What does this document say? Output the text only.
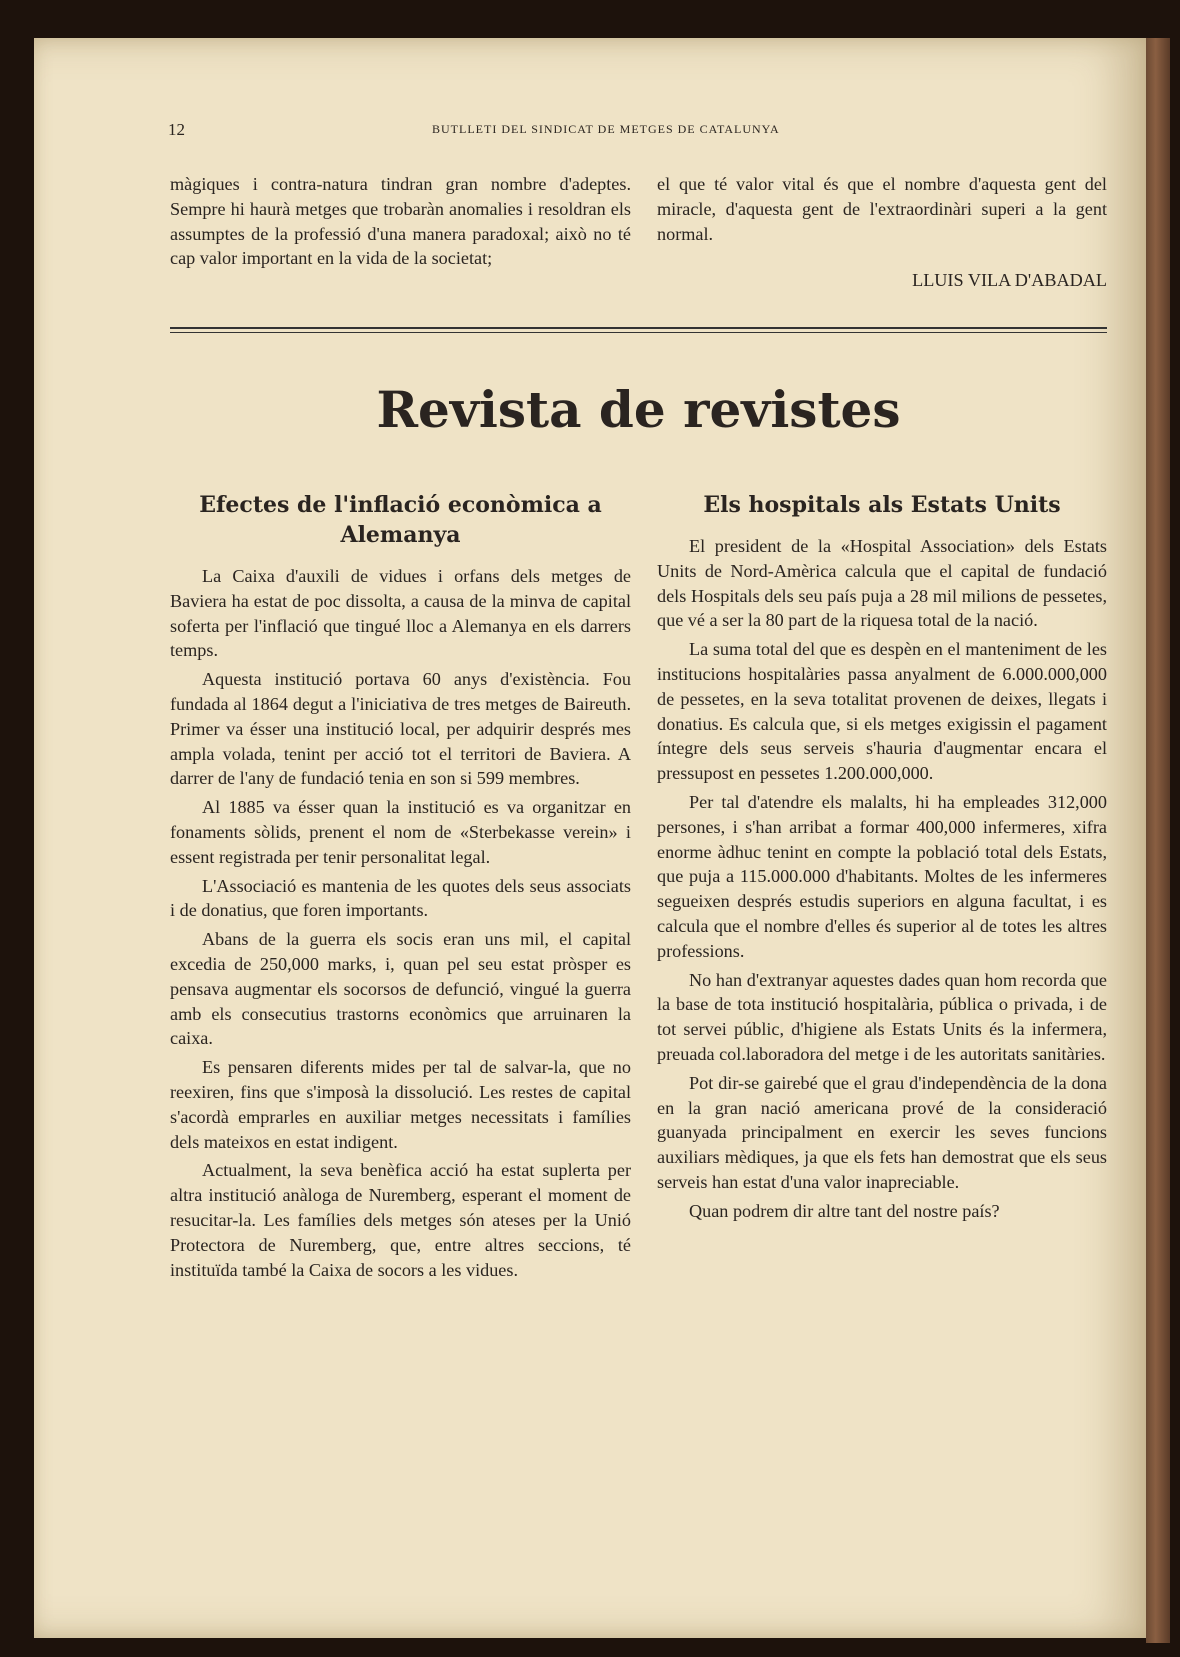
12	BUTLLETI DEL SINDICAT DE METGES DE CATALUNYA

màgiques i contra-natura tindran gran nombre d'adeptes. Sempre hi haurà metges que trobaràn anomalies i resoldran els assumptes de la professió d'una manera paradoxal; això no té cap valor important en la vida de la societat;

el que té valor vital és que el nombre d'aquesta gent del miracle, d'aquesta gent de l'extraordinàri superi a la gent normal.

LLUIS VILA D'ABADAL

Revista de revistes

Efectes de l'inflació econòmica a Alemanya

La Caixa d'auxili de vidues i orfans dels metges de Baviera ha estat de poc dissolta, a causa de la minva de capital soferta per l'inflació que tingué lloc a Alemanya en els darrers temps.

Aquesta institució portava 60 anys d'existència. Fou fundada al 1864 degut a l'iniciativa de tres metges de Baireuth. Primer va ésser una institució local, per adquirir després mes ampla volada, tenint per acció tot el territori de Baviera. A darrer de l'any de fundació tenia en son si 599 membres.

Al 1885 va ésser quan la institució es va organitzar en fonaments sòlids, prenent el nom de «Sterbekasse verein» i essent registrada per tenir personalitat legal.

L'Associació es mantenia de les quotes dels seus associats i de donatius, que foren importants.

Abans de la guerra els socis eran uns mil, el capital excedia de 250,000 marks, i, quan pel seu estat pròsper es pensava augmentar els socorsos de defunció, vingué la guerra amb els consecutius trastorns econòmics que arruinaren la caixa.

Es pensaren diferents mides per tal de salvar-la, que no reexiren, fins que s'imposà la dissolució. Les restes de capital s'acordà emprarles en auxiliar metges necessitats i famílies dels mateixos en estat indigent.

Actualment, la seva benèfica acció ha estat suplerta per altra institució anàloga de Nuremberg, esperant el moment de resucitar-la. Les famílies dels metges són ateses per la Unió Protectora de Nuremberg, que, entre altres seccions, té instituïda també la Caixa de socors a les vidues.

Els hospitals als Estats Units

El president de la «Hospital Association» dels Estats Units de Nord-Amèrica calcula que el capital de fundació dels Hospitals dels seu país puja a 28 mil milions de pessetes, que vé a ser la 80 part de la riquesa total de la nació.

La suma total del que es despèn en el manteniment de les institucions hospitalàries passa anyalment de 6.000.000,000 de pessetes, en la seva totalitat provenen de deixes, llegats i donatius. Es calcula que, si els metges exigissin el pagament íntegre dels seus serveis s'hauria d'augmentar encara el pressupost en pessetes 1.200.000,000.

Per tal d'atendre els malalts, hi ha empleades 312,000 persones, i s'han arribat a formar 400,000 infermeres, xifra enorme àdhuc tenint en compte la població total dels Estats, que puja a 115.000.000 d'habitants. Moltes de les infermeres segueixen després estudis superiors en alguna facultat, i es calcula que el nombre d'elles és superior al de totes les altres professions.

No han d'extranyar aquestes dades quan hom recorda que la base de tota institució hospitalària, pública o privada, i de tot servei públic, d'higiene als Estats Units és la infermera, preuada col.laboradora del metge i de les autoritats sanitàries.

Pot dir-se gairebé que el grau d'independència de la dona en la gran nació americana prové de la consideració guanyada principalment en exercir les seves funcions auxiliars mèdiques, ja que els fets han demostrat que els seus serveis han estat d'una valor inapreciable.

Quan podrem dir altre tant del nostre país?
